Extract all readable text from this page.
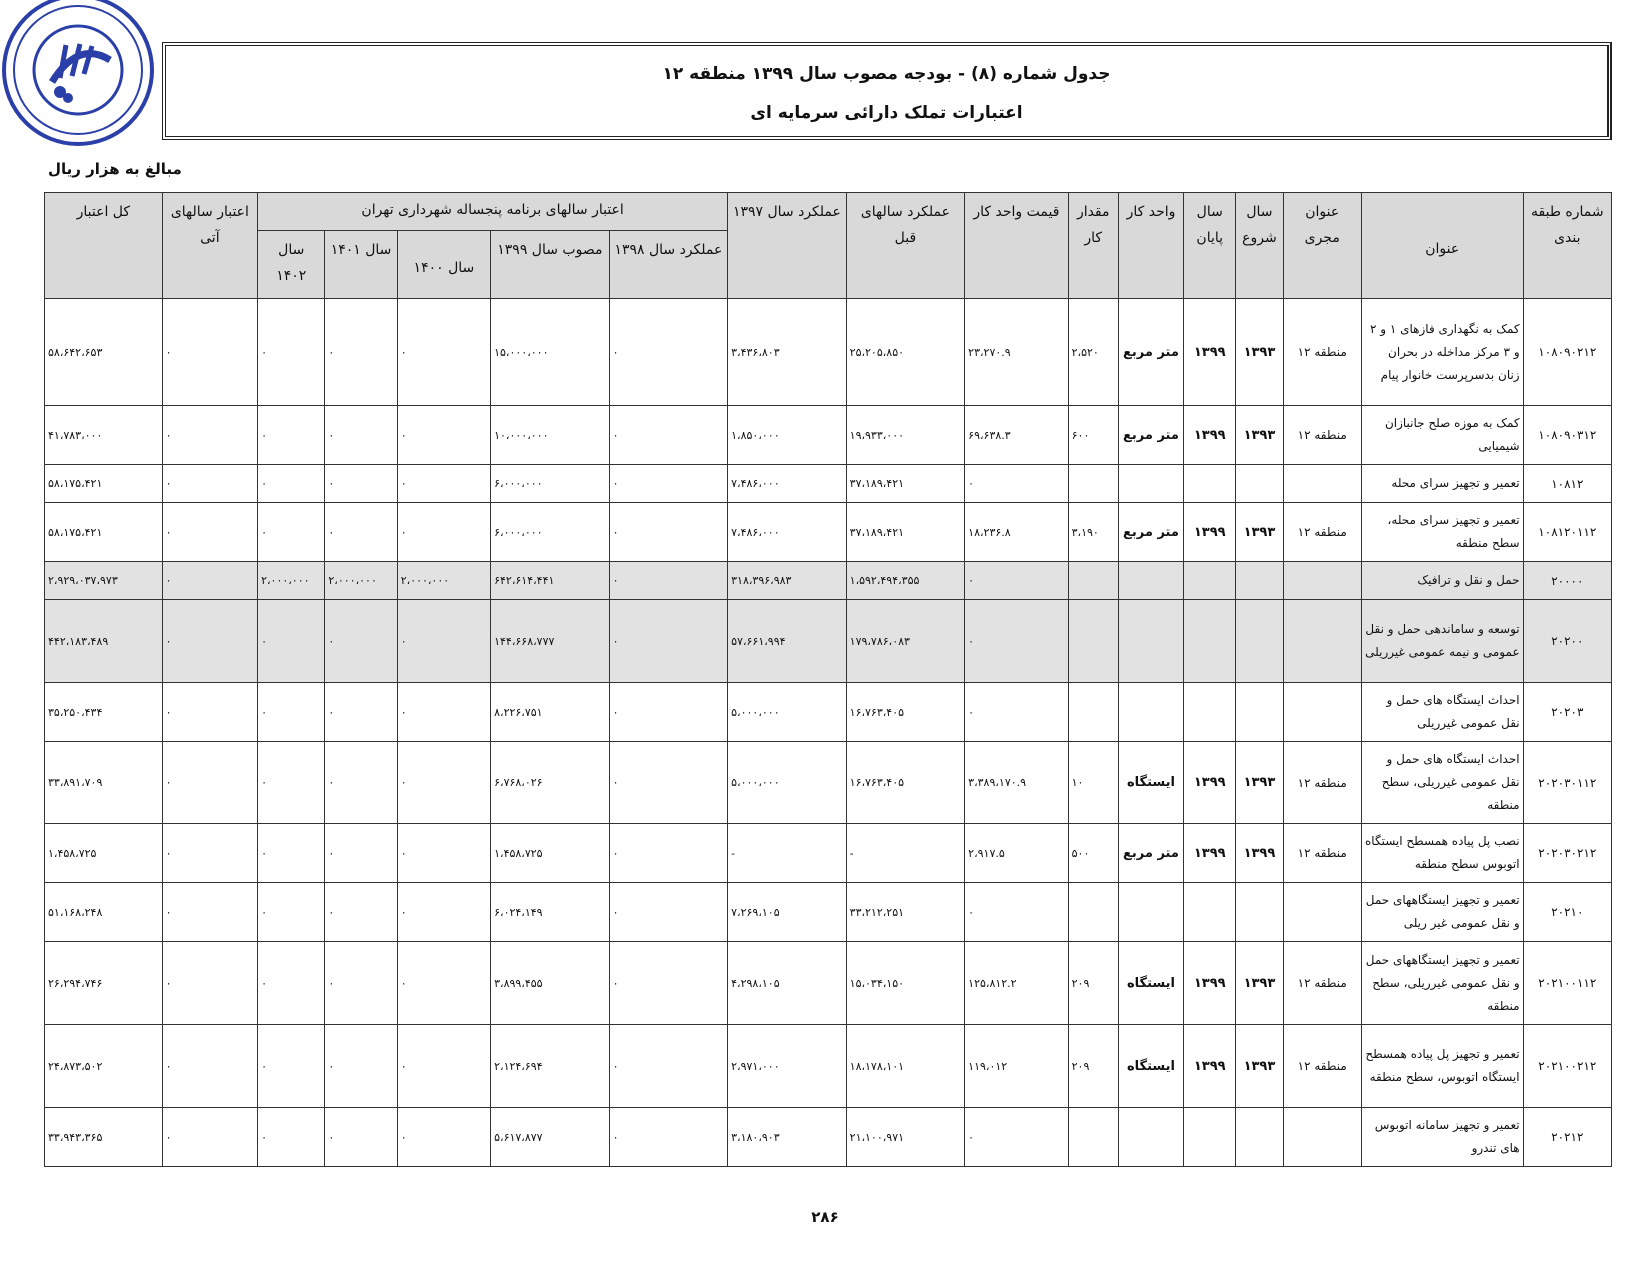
جدول شماره (۸) - بودجه مصوب سال ۱۳۹۹ منطقه ۱۲
اعتبارات تملک دارائی سرمایه ای
مبالغ به هزار ریال
شماره طبقه بندی	عنوان	عنوان مجری	سال شروع	سال پایان	واحد کار	مقدار کار	قیمت واحد کار	عملکرد سالهای قبل	عملکرد سال ۱۳۹۷	اعتبار سالهای برنامه پنجساله شهرداری تهران					اعتبار سالهای آتی	کل اعتبار
										عملکرد سال ۱۳۹۸	مصوب سال ۱۳۹۹	سال ۱۴۰۰	سال ۱۴۰۱	سال ۱۴۰۲		
۱۰۸۰۹۰۲۱۲	کمک به نگهداری فازهای ۱ و ۲ و ۳ مرکز مداخله در بحران زنان بدسرپرست خانوار پیام	منطقه ۱۲	۱۳۹۳	۱۳۹۹	متر مربع	۲،۵۲۰	۲۳،۲۷۰.۹	۲۵،۲۰۵،۸۵۰	۳،۴۳۶،۸۰۳	۰	۱۵،۰۰۰،۰۰۰	۰	۰	۰	۰	۵۸،۶۴۲،۶۵۳
۱۰۸۰۹۰۳۱۲	کمک به موزه صلح جانبازان شیمیایی	منطقه ۱۲	۱۳۹۳	۱۳۹۹	متر مربع	۶۰۰	۶۹،۶۳۸.۳	۱۹،۹۳۳،۰۰۰	۱،۸۵۰،۰۰۰	۰	۱۰،۰۰۰،۰۰۰	۰	۰	۰	۰	۴۱،۷۸۳،۰۰۰
۱۰۸۱۲	تعمیر و تجهیز سرای محله						۰	۳۷،۱۸۹،۴۲۱	۷،۴۸۶،۰۰۰	۰	۶،۰۰۰،۰۰۰	۰	۰	۰	۰	۵۸،۱۷۵،۴۲۱
۱۰۸۱۲۰۱۱۲	تعمیر و تجهیز سرای محله، سطح منطقه	منطقه ۱۲	۱۳۹۳	۱۳۹۹	متر مربع	۳،۱۹۰	۱۸،۲۳۶.۸	۳۷،۱۸۹،۴۲۱	۷،۴۸۶،۰۰۰	۰	۶،۰۰۰،۰۰۰	۰	۰	۰	۰	۵۸،۱۷۵،۴۲۱
۲۰۰۰۰	حمل و نقل و ترافیک						۰	۱،۵۹۲،۴۹۴،۳۵۵	۳۱۸،۳۹۶،۹۸۳	۰	۶۴۲،۶۱۴،۴۴۱	۲،۰۰۰،۰۰۰	۲،۰۰۰،۰۰۰	۲،۰۰۰،۰۰۰	۰	۲،۹۲۹،۰۳۷،۹۷۳
۲۰۲۰۰	توسعه و ساماندهی حمل و نقل عمومی و نیمه عمومی غیرریلی						۰	۱۷۹،۷۸۶،۰۸۳	۵۷،۶۶۱،۹۹۴	۰	۱۴۴،۶۶۸،۷۷۷	۰	۰	۰	۰	۴۴۲،۱۸۳،۴۸۹
۲۰۲۰۳	احداث ایستگاه های حمل و نقل عمومی غیرریلی						۰	۱۶،۷۶۳،۴۰۵	۵،۰۰۰،۰۰۰	۰	۸،۲۲۶،۷۵۱	۰	۰	۰	۰	۳۵،۲۵۰،۴۳۴
۲۰۲۰۳۰۱۱۲	احداث ایستگاه های حمل و نقل عمومی غیرریلی، سطح منطقه	منطقه ۱۲	۱۳۹۳	۱۳۹۹	ایستگاه	۱۰	۳،۳۸۹،۱۷۰.۹	۱۶،۷۶۳،۴۰۵	۵،۰۰۰،۰۰۰	۰	۶،۷۶۸،۰۲۶	۰	۰	۰	۰	۳۳،۸۹۱،۷۰۹
۲۰۲۰۳۰۲۱۲	نصب پل پیاده همسطح ایستگاه اتوبوس سطح منطقه	منطقه ۱۲	۱۳۹۹	۱۳۹۹	متر مربع	۵۰۰	۲،۹۱۷.۵	-	-	۰	۱،۴۵۸،۷۲۵	۰	۰	۰	۰	۱،۴۵۸،۷۲۵
۲۰۲۱۰	تعمیر و تجهیز ایستگاههای حمل و نقل عمومی غیر ریلی						۰	۳۳،۲۱۲،۲۵۱	۷،۲۶۹،۱۰۵	۰	۶،۰۲۴،۱۴۹	۰	۰	۰	۰	۵۱،۱۶۸،۲۴۸
۲۰۲۱۰۰۱۱۲	تعمیر و تجهیز ایستگاههای حمل و نقل عمومی غیرریلی، سطح منطقه	منطقه ۱۲	۱۳۹۳	۱۳۹۹	ایستگاه	۲۰۹	۱۲۵،۸۱۲.۲	۱۵،۰۳۴،۱۵۰	۴،۲۹۸،۱۰۵	۰	۳،۸۹۹،۴۵۵	۰	۰	۰	۰	۲۶،۲۹۴،۷۴۶
۲۰۲۱۰۰۲۱۲	تعمیر و تجهیز پل پیاده همسطح ایستگاه اتوبوس، سطح منطقه	منطقه ۱۲	۱۳۹۳	۱۳۹۹	ایستگاه	۲۰۹	۱۱۹،۰۱۲	۱۸،۱۷۸،۱۰۱	۲،۹۷۱،۰۰۰	۰	۲،۱۲۴،۶۹۴	۰	۰	۰	۰	۲۴،۸۷۳،۵۰۲
۲۰۲۱۲	تعمیر و تجهیز سامانه اتوبوس های تندرو						۰	۲۱،۱۰۰،۹۷۱	۳،۱۸۰،۹۰۳	۰	۵،۶۱۷،۸۷۷	۰	۰	۰	۰	۳۳،۹۴۳،۳۶۵
۲۸۶
